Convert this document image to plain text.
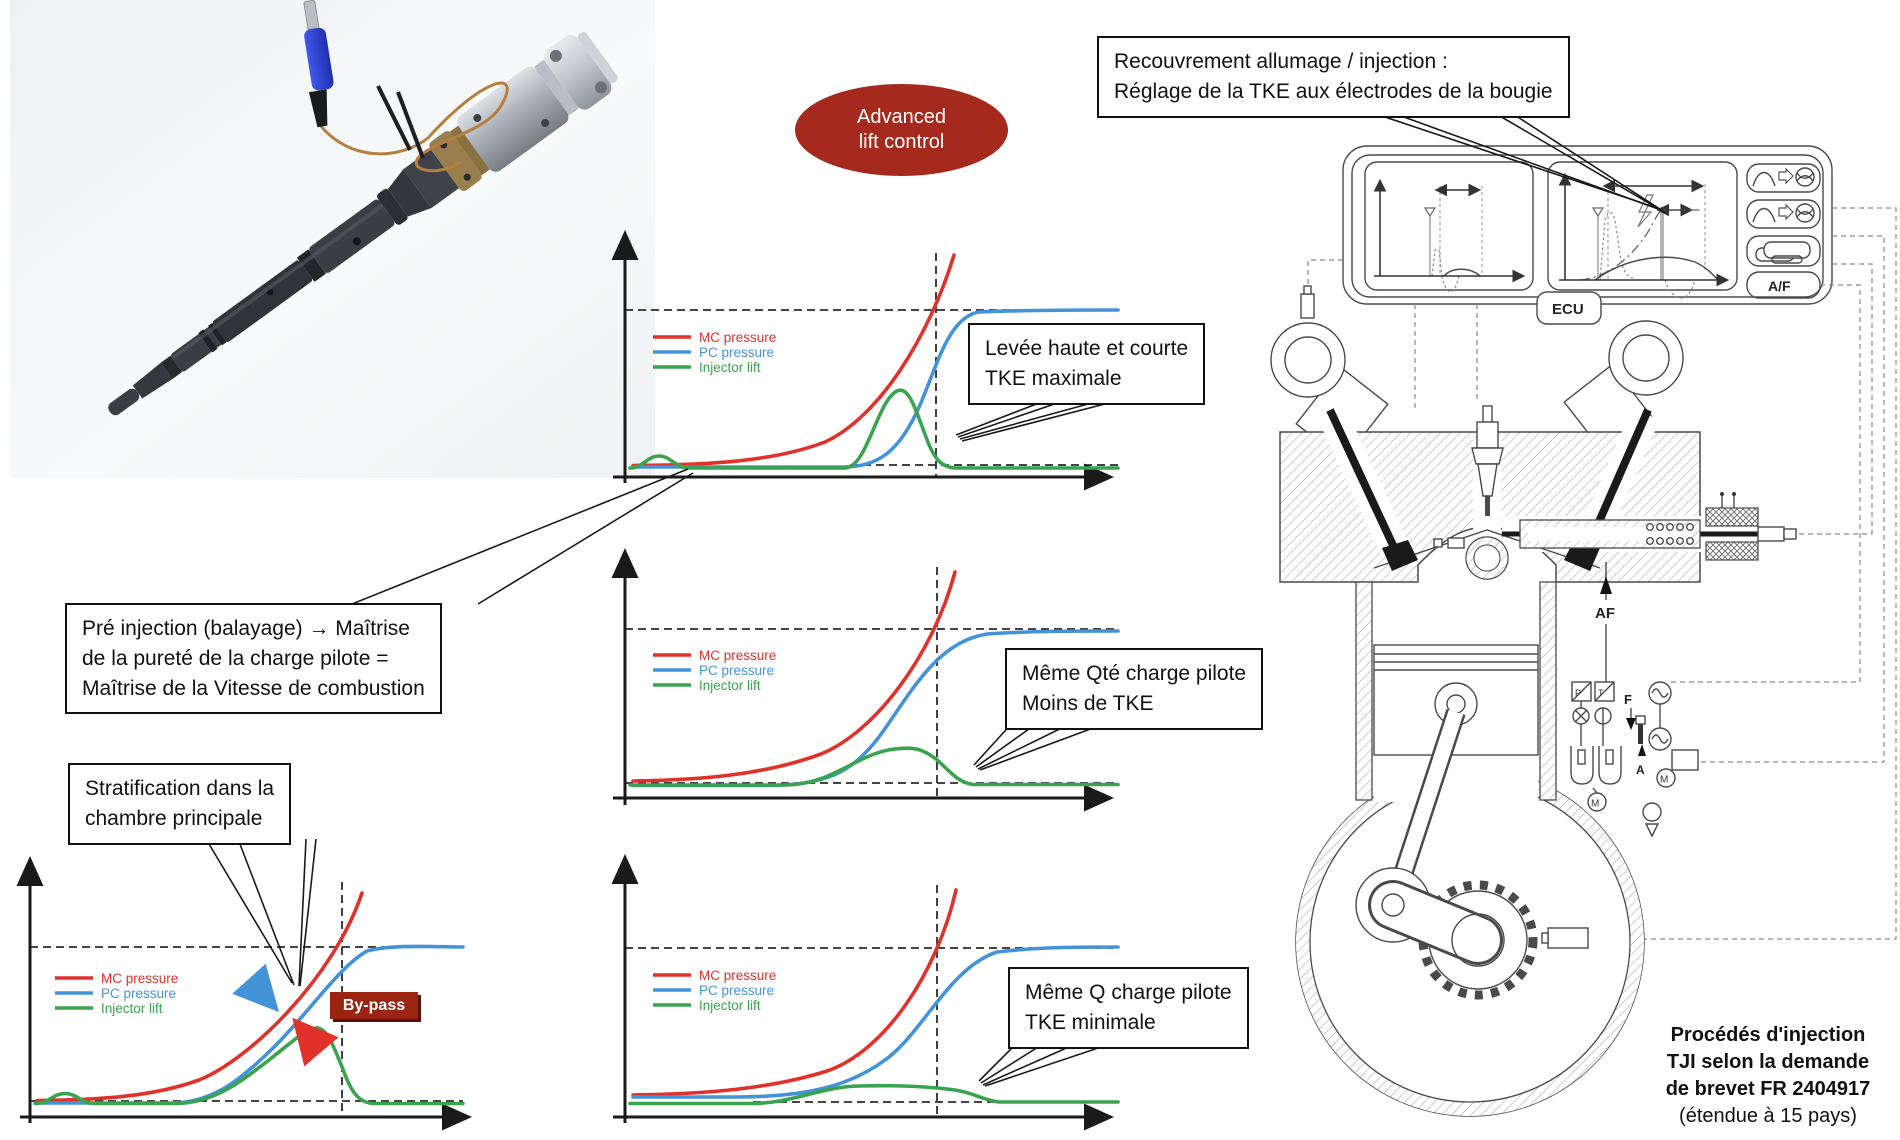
Advanced
lift control
MC pressure
PC pressure
Injector lift
MC pressure
PC pressure
Injector lift
MC pressure
PC pressure
Injector lift
MC pressure
PC pressure
Injector lift	By-pass
A/F
ECU
AF
P T F
A
M
M
Recouvrement allumage / injection :
Réglage de la TKE aux électrodes de la bougie
Levée haute et courte
TKE maximale
Pré injection (balayage) → Maîtrise
de la pureté de la charge pilote =
Maîtrise de la Vitesse de combustion
Stratification dans la
chambre principale
Même Qté charge pilote
Moins de TKE
Même Q charge pilote
TKE minimale
Procédés d'injection
TJI selon la demande
de brevet FR 2404917
(étendue à 15 pays)
